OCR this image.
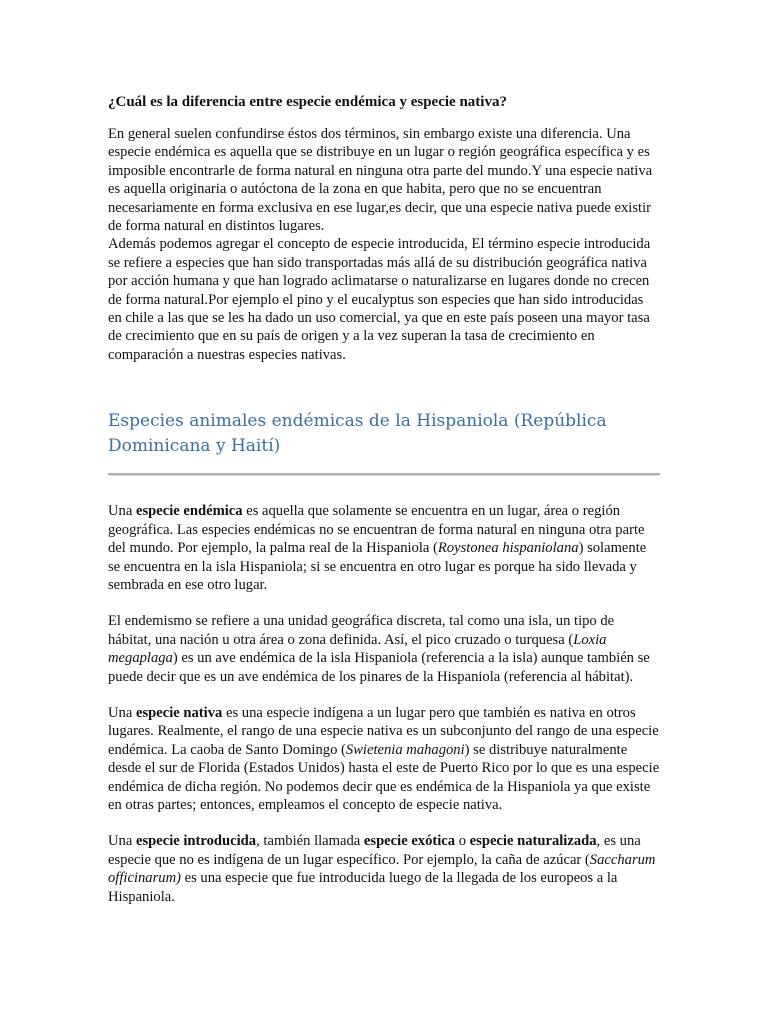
¿Cuál es la diferencia entre especie endémica y especie nativa?

En general suelen confundirse éstos dos términos, sin embargo existe una diferencia. Una especie endémica es aquella que se distribuye en un lugar o región geográfica específica y es imposible encontrarle de forma natural en ninguna otra parte del mundo.Y una especie nativa es aquella originaria o autóctona de la zona en que habita, pero que no se encuentran necesariamente en forma exclusiva en ese lugar,es decir, que una especie nativa puede existir de forma natural en distintos lugares.

Además podemos agregar el concepto de especie introducida, El término especie introducida se refiere a especies que han sido transportadas más allá de su distribución geográfica nativa por acción humana y que han logrado aclimatarse o naturalizarse en lugares donde no crecen de forma natural.Por ejemplo el pino y el eucalyptus son especies que han sido introducidas en chile a las que se les ha dado un uso comercial, ya que en este país poseen una mayor tasa de crecimiento que en su país de origen y a la vez superan la tasa de crecimiento en comparación a nuestras especies nativas.

Especies animales endémicas de la Hispaniola (República Dominicana y Haití)

Una especie endémica es aquella que solamente se encuentra en un lugar, área o región geográfica. Las especies endémicas no se encuentran de forma natural en ninguna otra parte del mundo. Por ejemplo, la palma real de la Hispaniola (Roystonea hispaniolana) solamente se encuentra en la isla Hispaniola; si se encuentra en otro lugar es porque ha sido llevada y sembrada en ese otro lugar.

El endemismo se refiere a una unidad geográfica discreta, tal como una isla, un tipo de hábitat, una nación u otra área o zona definida. Así, el pico cruzado o turquesa (Loxia megaplaga) es un ave endémica de la isla Hispaniola (referencia a la isla) aunque también se puede decir que es un ave endémica de los pinares de la Hispaniola (referencia al hábitat).

Una especie nativa es una especie indígena a un lugar pero que también es nativa en otros lugares. Realmente, el rango de una especie nativa es un subconjunto del rango de una especie endémica. La caoba de Santo Domingo (Swietenia mahagoni) se distribuye naturalmente desde el sur de Florida (Estados Unidos) hasta el este de Puerto Rico por lo que es una especie endémica de dicha región. No podemos decir que es endémica de la Hispaniola ya que existe en otras partes; entonces, empleamos el concepto de especie nativa.

Una especie introducida, también llamada especie exótica o especie naturalizada, es una especie que no es indígena de un lugar específico. Por ejemplo, la caña de azúcar (Saccharum officinarum) es una especie que fue introducida luego de la llegada de los europeos a la Hispaniola.
